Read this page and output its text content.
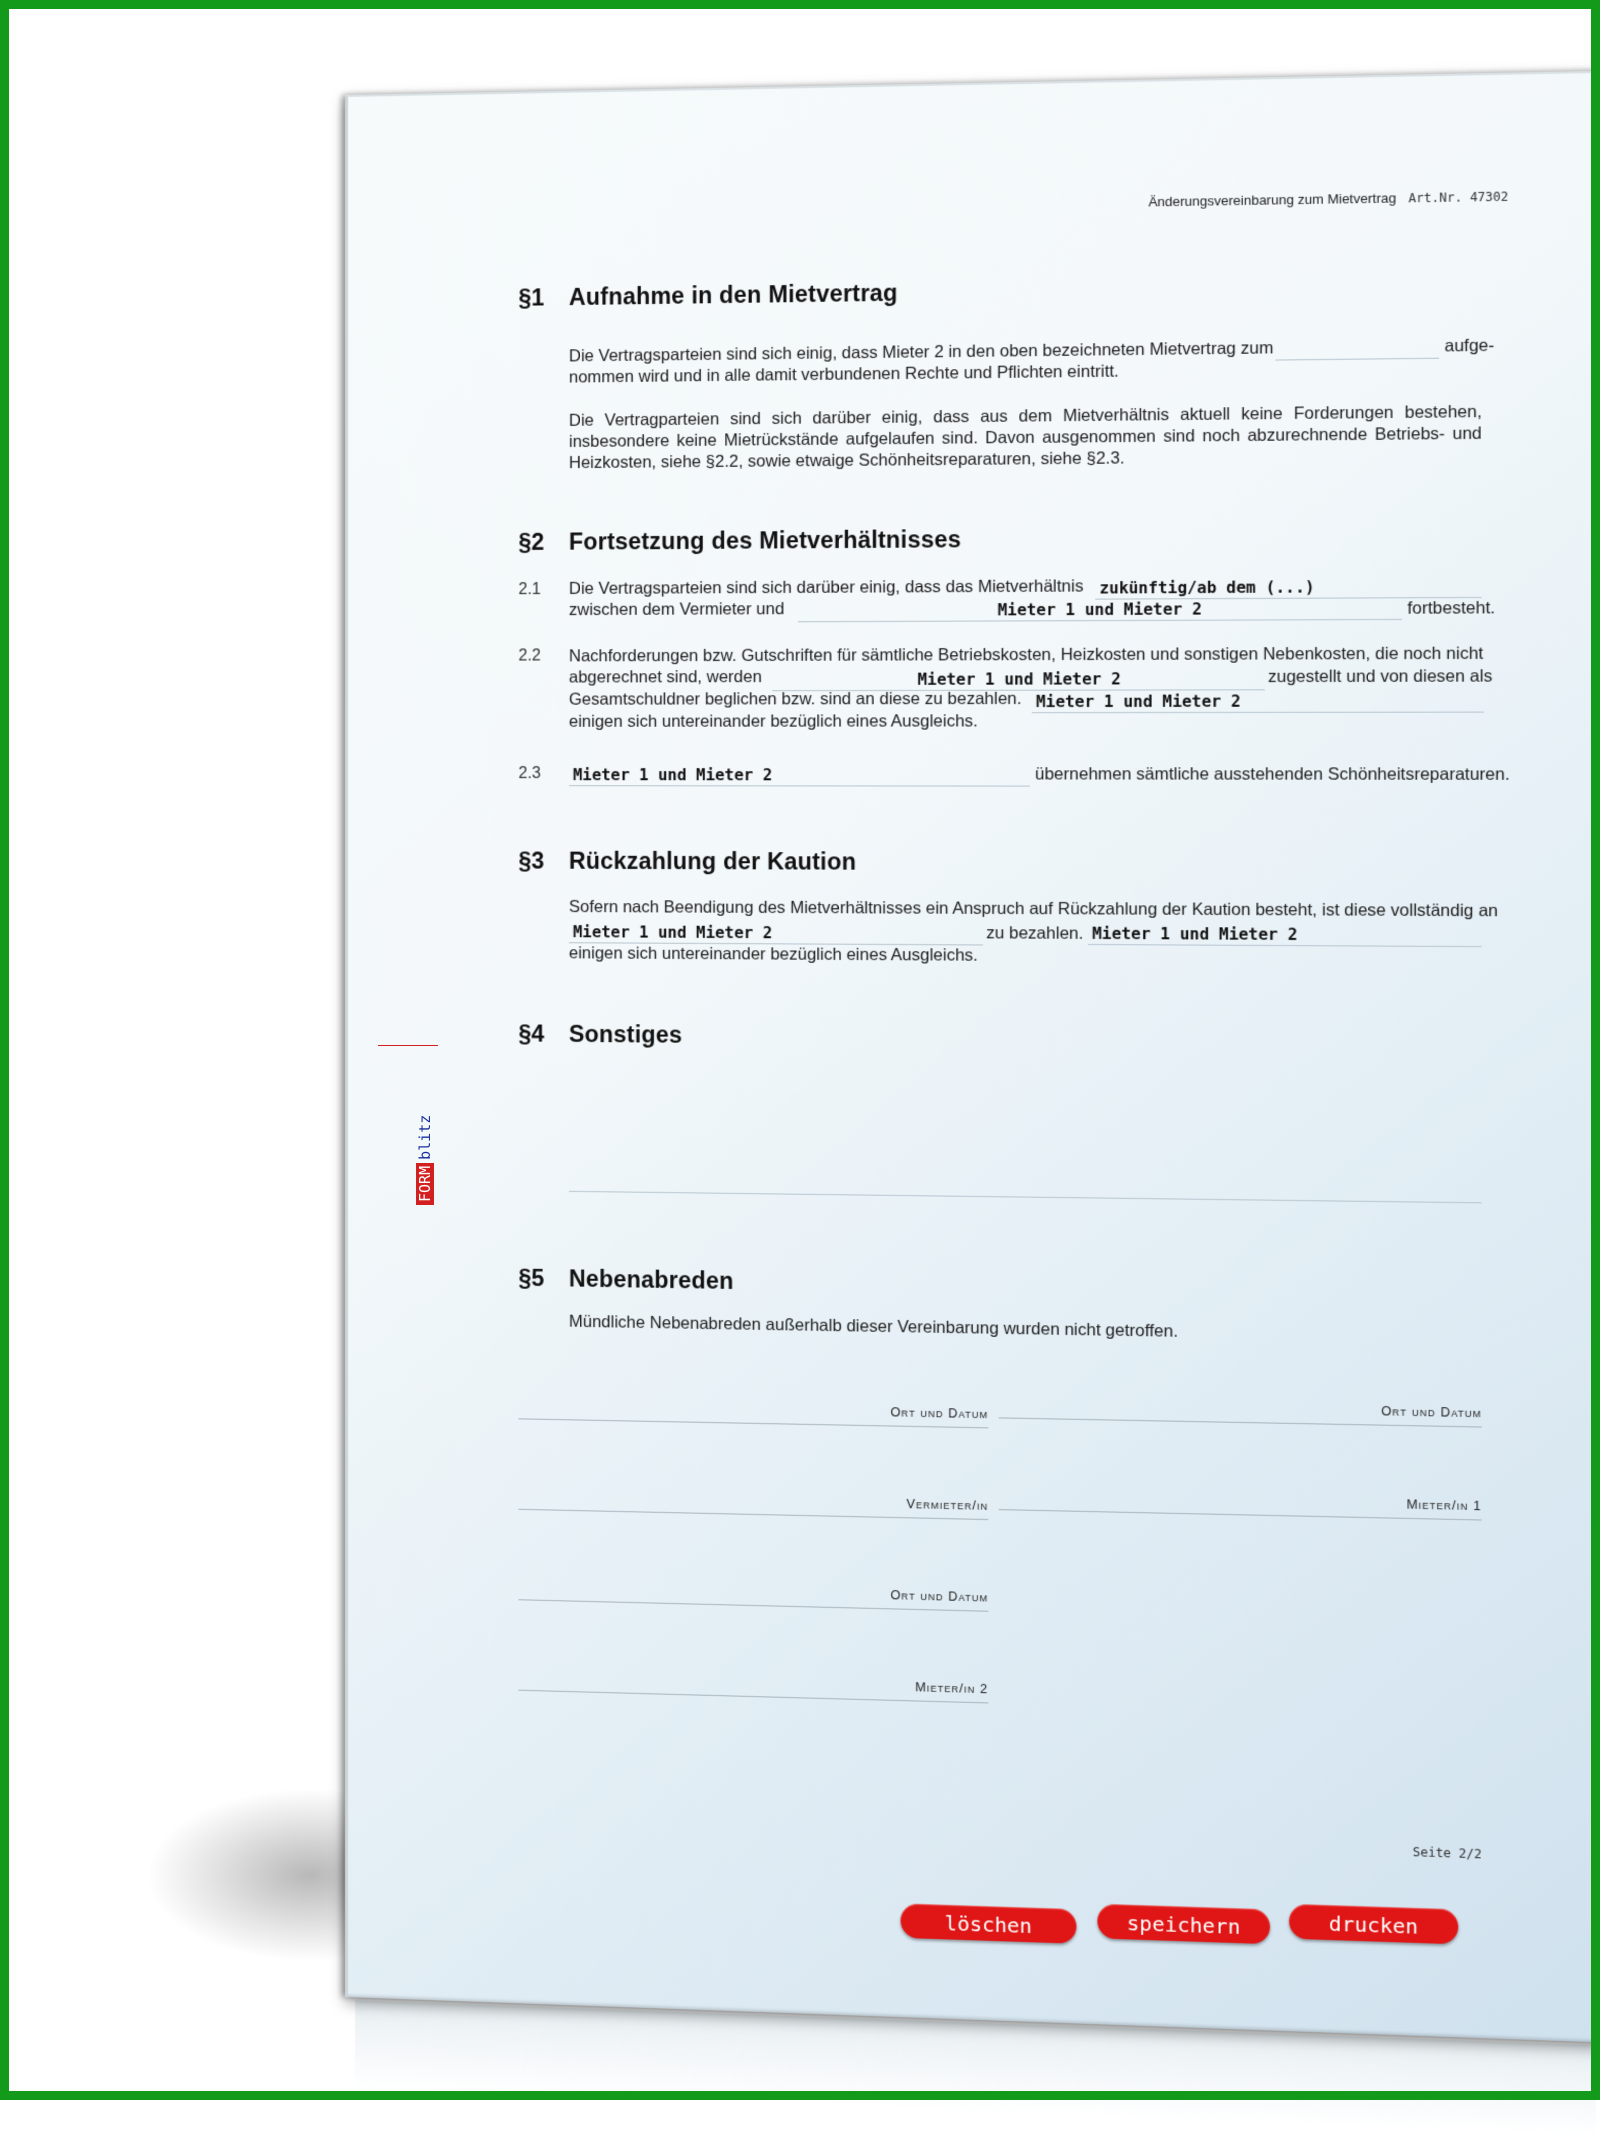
Änderungsvereinbarung zum Mietvertrag Art.Nr. 47302
§1 Aufnahme in den Mietvertrag
Die Vertragsparteien sind sich einig, dass Mieter 2 in den oben bezeichneten Mietvertrag zum	aufge-
nommen wird und in alle damit verbundenen Rechte und Pflichten eintritt.
Die Vertragparteien sind sich darüber einig, dass aus dem Mietverhältnis aktuell keine Forderungen bestehen, insbesondere keine Mietrückstände aufgelaufen sind. Davon ausgenommen sind noch abzurechnende Betriebs- und Heizkosten, siehe §2.2, sowie etwaige Schönheitsreparaturen, siehe §2.3.
§2 Fortsetzung des Mietverhältnisses
2.1 Die Vertragsparteien sind sich darüber einig, dass das Mietverhältnis zukünftig/ab dem (...)
zwischen dem Vermieter und	Mieter 1 und Mieter 2	fortbesteht.
2.2 Nachforderungen bzw. Gutschriften für sämtliche Betriebskosten, Heizkosten und sonstigen Nebenkosten, die noch nicht
abgerechnet sind, werden	Mieter 1 und Mieter 2	zugestellt und von diesen als
Gesamtschuldner beglichen bzw. sind an diese zu bezahlen. Mieter 1 und Mieter 2
einigen sich untereinander bezüglich eines Ausgleichs.
2.3 Mieter 1 und Mieter 2	übernehmen sämtliche ausstehenden Schönheitsreparaturen.
§3 Rückzahlung der Kaution
Sofern nach Beendigung des Mietverhältnisses ein Anspruch auf Rückzahlung der Kaution besteht, ist diese vollständig an
Mieter 1 und Mieter 2	zu bezahlen. Mieter 1 und Mieter 2
einigen sich untereinander bezüglich eines Ausgleichs.
§4 Sonstiges
§5 Nebenabreden
Mündliche Nebenabreden außerhalb dieser Vereinbarung wurden nicht getroffen.
Ort und Datum	Ort und Datum
Vermieter/in	Mieter/in 1
Ort und Datum
Mieter/in 2
Seite 2/2
löschen	speichern	drucken
FORM
blitz
